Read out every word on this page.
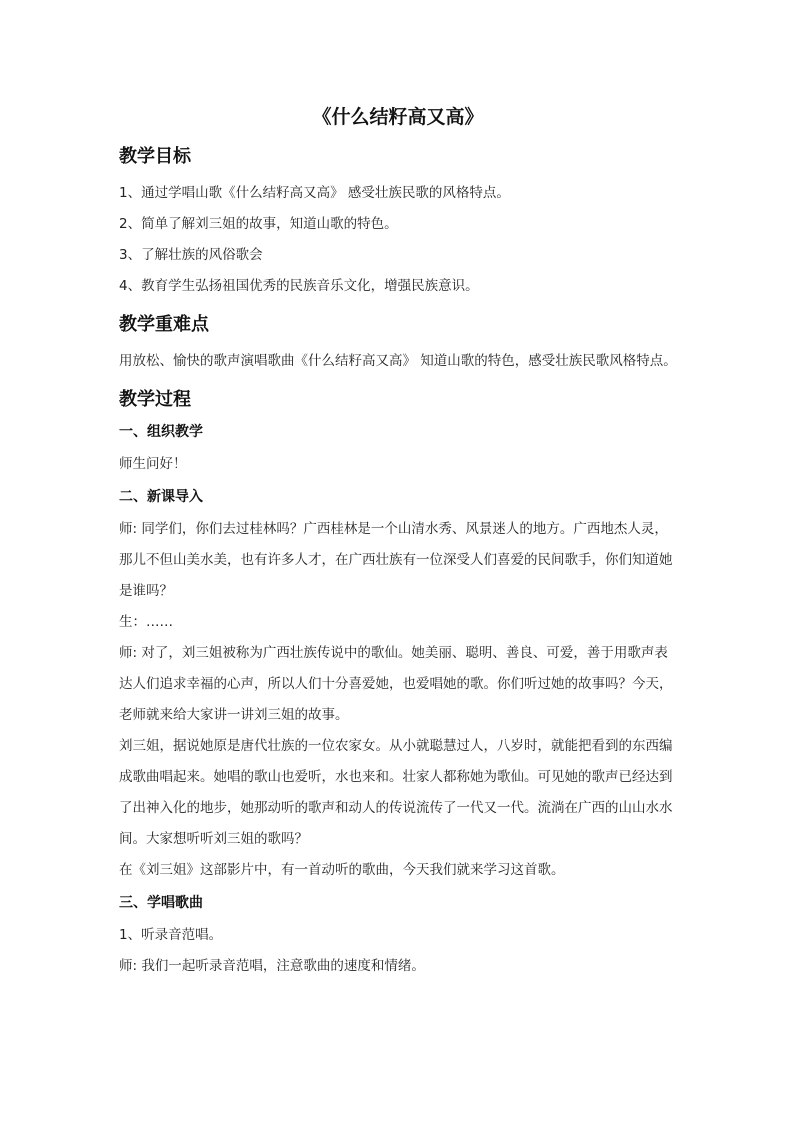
《什么结籽高又高》
教学目标

1、通过学唱山歌《什么结籽高又高》 感受壮族民歌的风格特点。

2、简单了解刘三姐的故事，知道山歌的特色。

3、了解壮族的风俗歌会

4、教育学生弘扬祖国优秀的民族音乐文化，增强民族意识。

教学重难点

用放松、愉快的歌声演唱歌曲《什么结籽高又高》 知道山歌的特色，感受壮族民歌风格特点。

教学过程
一、组织教学

师生问好！

二、新课导入

师: 同学们，你们去过桂林吗？广西桂林是一个山清水秀、风景迷人的地方。广西地杰人灵，那儿不但山美水美，也有许多人才，在广西壮族有一位深受人们喜爱的民间歌手，你们知道她是谁吗？

生：……

师: 对了，刘三姐被称为广西壮族传说中的歌仙。她美丽、聪明、善良、可爱，善于用歌声表达人们追求幸福的心声，所以人们十分喜爱她，也爱唱她的歌。你们听过她的故事吗？今天，老师就来给大家讲一讲刘三姐的故事。

刘三姐，据说她原是唐代壮族的一位农家女。从小就聪慧过人，八岁时，就能把看到的东西编成歌曲唱起来。她唱的歌山也爱听，水也来和。壮家人都称她为歌仙。可见她的歌声已经达到了出神入化的地步，她那动听的歌声和动人的传说流传了一代又一代。流淌在广西的山山水水间。大家想听听刘三姐的歌吗？

在《刘三姐》这部影片中，有一首动听的歌曲，今天我们就来学习这首歌。

三、学唱歌曲

1、听录音范唱。

师: 我们一起听录音范唱，注意歌曲的速度和情绪。
